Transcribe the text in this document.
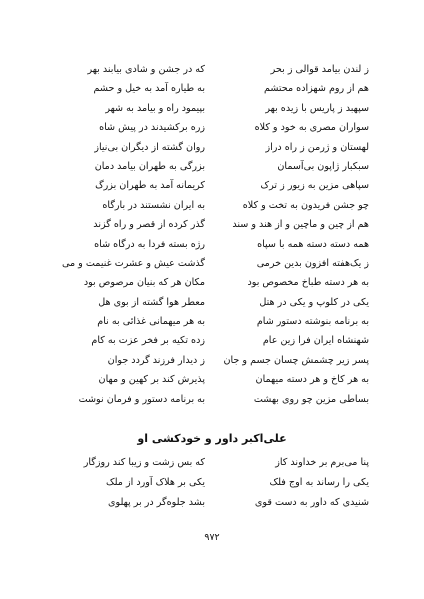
ز لندن بیامد قوالی ز بحر
که در جشن و شادی بیابند بهر
هم از روم شهزاده محتشم
به طیاره آمد به خیل و حشم
سپهبد ز پاریس با زیده بهر
بپیمود راه و بیامد به شهر
سواران مصری به خود و کلاه
زره برکشیدند در پیش شاه
لهستان و ژرمن ز راه دراز
روان گشته از دیگران بی‌نیاز
سبکبار ژاپون بی‌آسمان
بزرگی به طهران بیامد دمان
سپاهی مزین به زیور ز ترک
کریمانه آمد به طهران بزرگ
چو جشن فریدون به تخت و کلاه
به ایران نشستند در بارگاه
هم از چین و ماچین و از هند و سند
گذر کرده از قصر و راه گزند
همه دسته دسته همه با سپاه
رژه بسته فردا به درگاه شاه
ز یک‌هفته افزون بدین خرمی
گذشت عیش و عشرت غنیمت و می
به هر دسته طباخ مخصوص بود
مکان هر که بنیان مرصوص بود
یکی در کلوپ و یکی در هتل
معطر هوا گشته از بوی هل
به برنامه بنوشته دستور شام
به هر میهمانی غذائی به نام
شهنشاه ایران فرا زین عام
زده تکیه بر فخر عزت به کام
پسر زیر چشمش چسان جسم و جان
ز دیدار فرزند گردد جوان
به هر کاخ و هر دسته میهمان
پذیرش کند بر کهین و مهان
بساطی مزین چو روی بهشت
به برنامه دستور و فرمان نوشت
علی‌اکبر داور و خودکشی او
پنا می‌برم بر خداوند کاز
که بس زشت و زیبا کند روزگار
یکی را رساند به اوج فلک
یکی بر هلاک آورد از ملک
شنیدی که داور به دست قوی
بشد جلوه‌گر در بر پهلوی
۹۷۲
